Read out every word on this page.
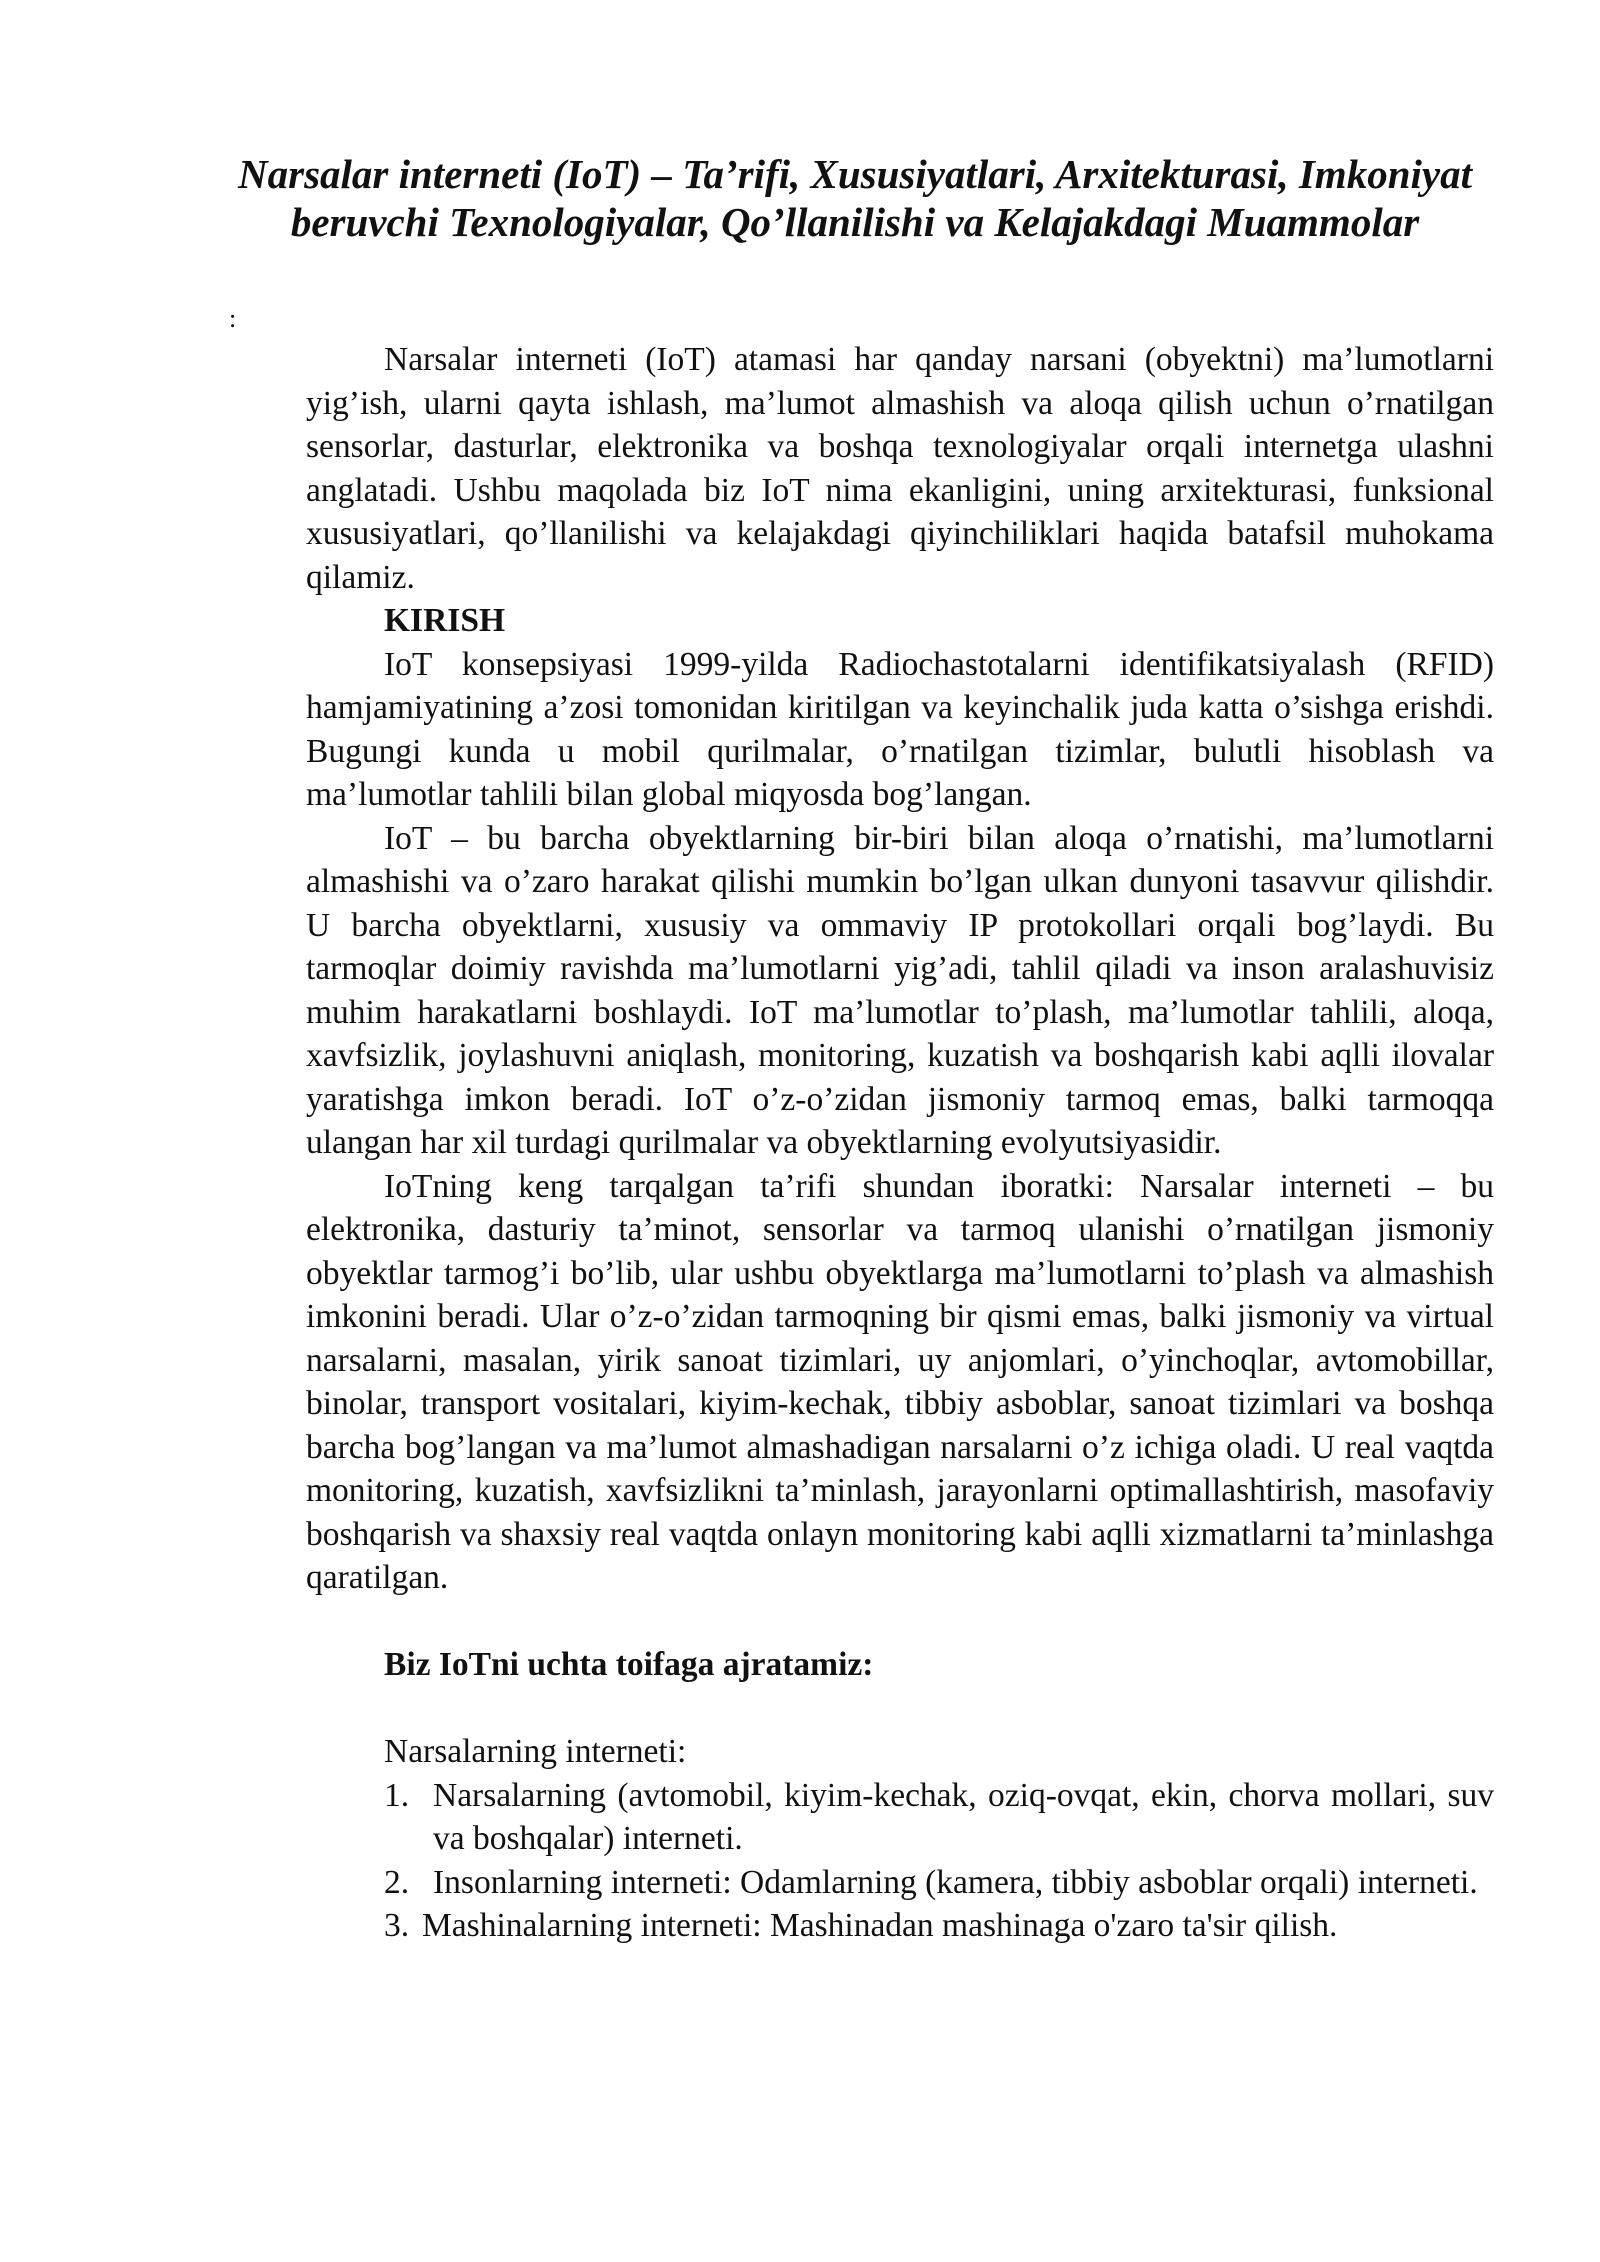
Narsalar interneti (IoT) – Ta’rifi, Xususiyatlari, Arxitekturasi, Imkoniyat beruvchi Texnologiyalar, Qo’llanilishi va Kelajakdagi Muammolar
:

Narsalar interneti (IoT) atamasi har qanday narsani (obyektni) ma’lumotlarni yig’ish, ularni qayta ishlash, ma’lumot almashish va aloqa qilish uchun o’rnatilgan sensorlar, dasturlar, elektronika va boshqa texnologiyalar orqali internetga ulashni anglatadi. Ushbu maqolada biz IoT nima ekanligini, uning arxitekturasi, funksional xususiyatlari, qo’llanilishi va kelajakdagi qiyinchiliklari haqida batafsil muhokama qilamiz.

KIRISH

IoT konsepsiyasi 1999-yilda Radiochastotalarni identifikatsiyalash (RFID) hamjamiyatining a’zosi tomonidan kiritilgan va keyinchalik juda katta o’sishga erishdi. Bugungi kunda u mobil qurilmalar, o’rnatilgan tizimlar, bulutli hisoblash va ma’lumotlar tahlili bilan global miqyosda bog’langan.

IoT – bu barcha obyektlarning bir-biri bilan aloqa o’rnatishi, ma’lumotlarni almashishi va o’zaro harakat qilishi mumkin bo’lgan ulkan dunyoni tasavvur qilishdir. U barcha obyektlarni, xususiy va ommaviy IP protokollari orqali bog’laydi. Bu tarmoqlar doimiy ravishda ma’lumotlarni yig’adi, tahlil qiladi va inson aralashuvisiz muhim harakatlarni boshlaydi. IoT ma’lumotlar to’plash, ma’lumotlar tahlili, aloqa, xavfsizlik, joylashuvni aniqlash, monitoring, kuzatish va boshqarish kabi aqlli ilovalar yaratishga imkon beradi. IoT o’z-o’zidan jismoniy tarmoq emas, balki tarmoqqa ulangan har xil turdagi qurilmalar va obyektlarning evolyutsiyasidir.

IoTning keng tarqalgan ta’rifi shundan iboratki: Narsalar interneti – bu elektronika, dasturiy ta’minot, sensorlar va tarmoq ulanishi o’rnatilgan jismoniy obyektlar tarmog’i bo’lib, ular ushbu obyektlarga ma’lumotlarni to’plash va almashish imkonini beradi. Ular o’z-o’zidan tarmoqning bir qismi emas, balki jismoniy va virtual narsalarni, masalan, yirik sanoat tizimlari, uy anjomlari, o’yinchoqlar, avtomobillar, binolar, transport vositalari, kiyim-kechak, tibbiy asboblar, sanoat tizimlari va boshqa barcha bog’langan va ma’lumot almashadigan narsalarni o’z ichiga oladi. U real vaqtda monitoring, kuzatish, xavfsizlikni ta’minlash, jarayonlarni optimallashtirish, masofaviy boshqarish va shaxsiy real vaqtda onlayn monitoring kabi aqlli xizmatlarni ta’minlashga qaratilgan.

Biz IoTni uchta toifaga ajratamiz:

Narsalarning interneti:

1. Narsalarning (avtomobil, kiyim-kechak, oziq-ovqat, ekin, chorva mollari, suv va boshqalar) interneti.
2. Insonlarning interneti: Odamlarning (kamera, tibbiy asboblar orqali) interneti.
3. Mashinalarning interneti: Mashinadan mashinaga o'zaro ta'sir qilish.
